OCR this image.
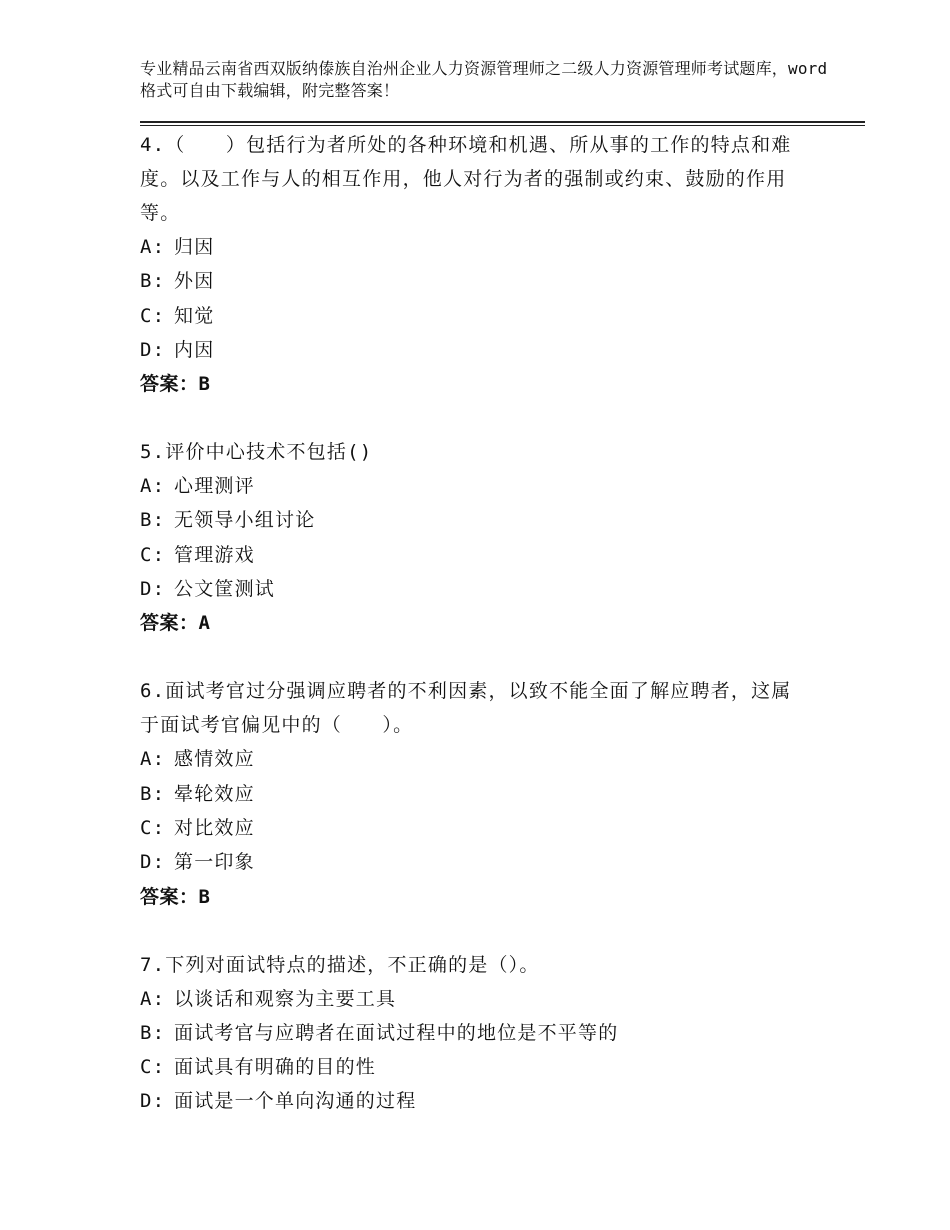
专业精品云南省西双版纳傣族自治州企业人力资源管理师之二级人力资源管理师考试题库，word格式可自由下载编辑，附完整答案！
4.（　　）包括行为者所处的各种环境和机遇、所从事的工作的特点和难度。以及工作与人的相互作用，他人对行为者的强制或约束、鼓励的作用等。
A: 归因
B: 外因
C: 知觉
D: 内因
答案：B
5.评价中心技术不包括()
A: 心理测评
B: 无领导小组讨论
C: 管理游戏
D: 公文筐测试
答案：A
6.面试考官过分强调应聘者的不利因素，以致不能全面了解应聘者，这属于面试考官偏见中的（　　）。
A: 感情效应
B: 晕轮效应
C: 对比效应
D: 第一印象
答案：B
7.下列对面试特点的描述，不正确的是（）。
A: 以谈话和观察为主要工具
B: 面试考官与应聘者在面试过程中的地位是不平等的
C: 面试具有明确的目的性
D: 面试是一个单向沟通的过程
